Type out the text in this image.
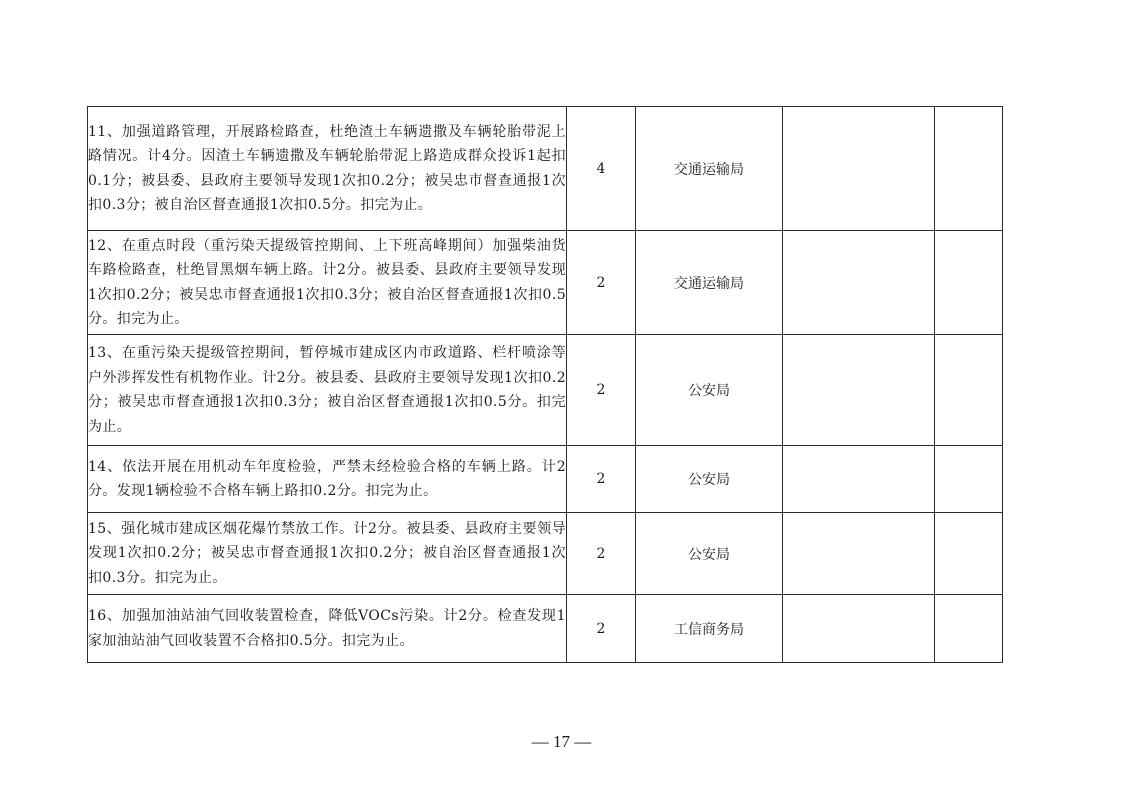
11、加强道路管理，开展路检路查，杜绝渣土车辆遗撒及车辆轮胎带泥上路情况。计4分。因渣土车辆遗撒及车辆轮胎带泥上路造成群众投诉1起扣0.1分；被县委、县政府主要领导发现1次扣0.2分；被吴忠市督查通报1次扣0.3分；被自治区督查通报1次扣0.5分。扣完为止。	4	交通运输局		
12、在重点时段（重污染天提级管控期间、上下班高峰期间）加强柴油货车路检路查，杜绝冒黑烟车辆上路。计2分。被县委、县政府主要领导发现1次扣0.2分；被吴忠市督查通报1次扣0.3分；被自治区督查通报1次扣0.5分。扣完为止。	2	交通运输局		
13、在重污染天提级管控期间，暂停城市建成区内市政道路、栏杆喷涂等户外涉挥发性有机物作业。计2分。被县委、县政府主要领导发现1次扣0.2分；被吴忠市督查通报1次扣0.3分；被自治区督查通报1次扣0.5分。扣完为止。	2	公安局		
14、依法开展在用机动车年度检验，严禁未经检验合格的车辆上路。计2分。发现1辆检验不合格车辆上路扣0.2分。扣完为止。	2	公安局		
15、强化城市建成区烟花爆竹禁放工作。计2分。被县委、县政府主要领导发现1次扣0.2分；被吴忠市督查通报1次扣0.2分；被自治区督查通报1次扣0.3分。扣完为止。	2	公安局		
16、加强加油站油气回收装置检查，降低VOCs污染。计2分。检查发现1家加油站油气回收装置不合格扣0.5分。扣完为止。	2	工信商务局		
— 17 —
